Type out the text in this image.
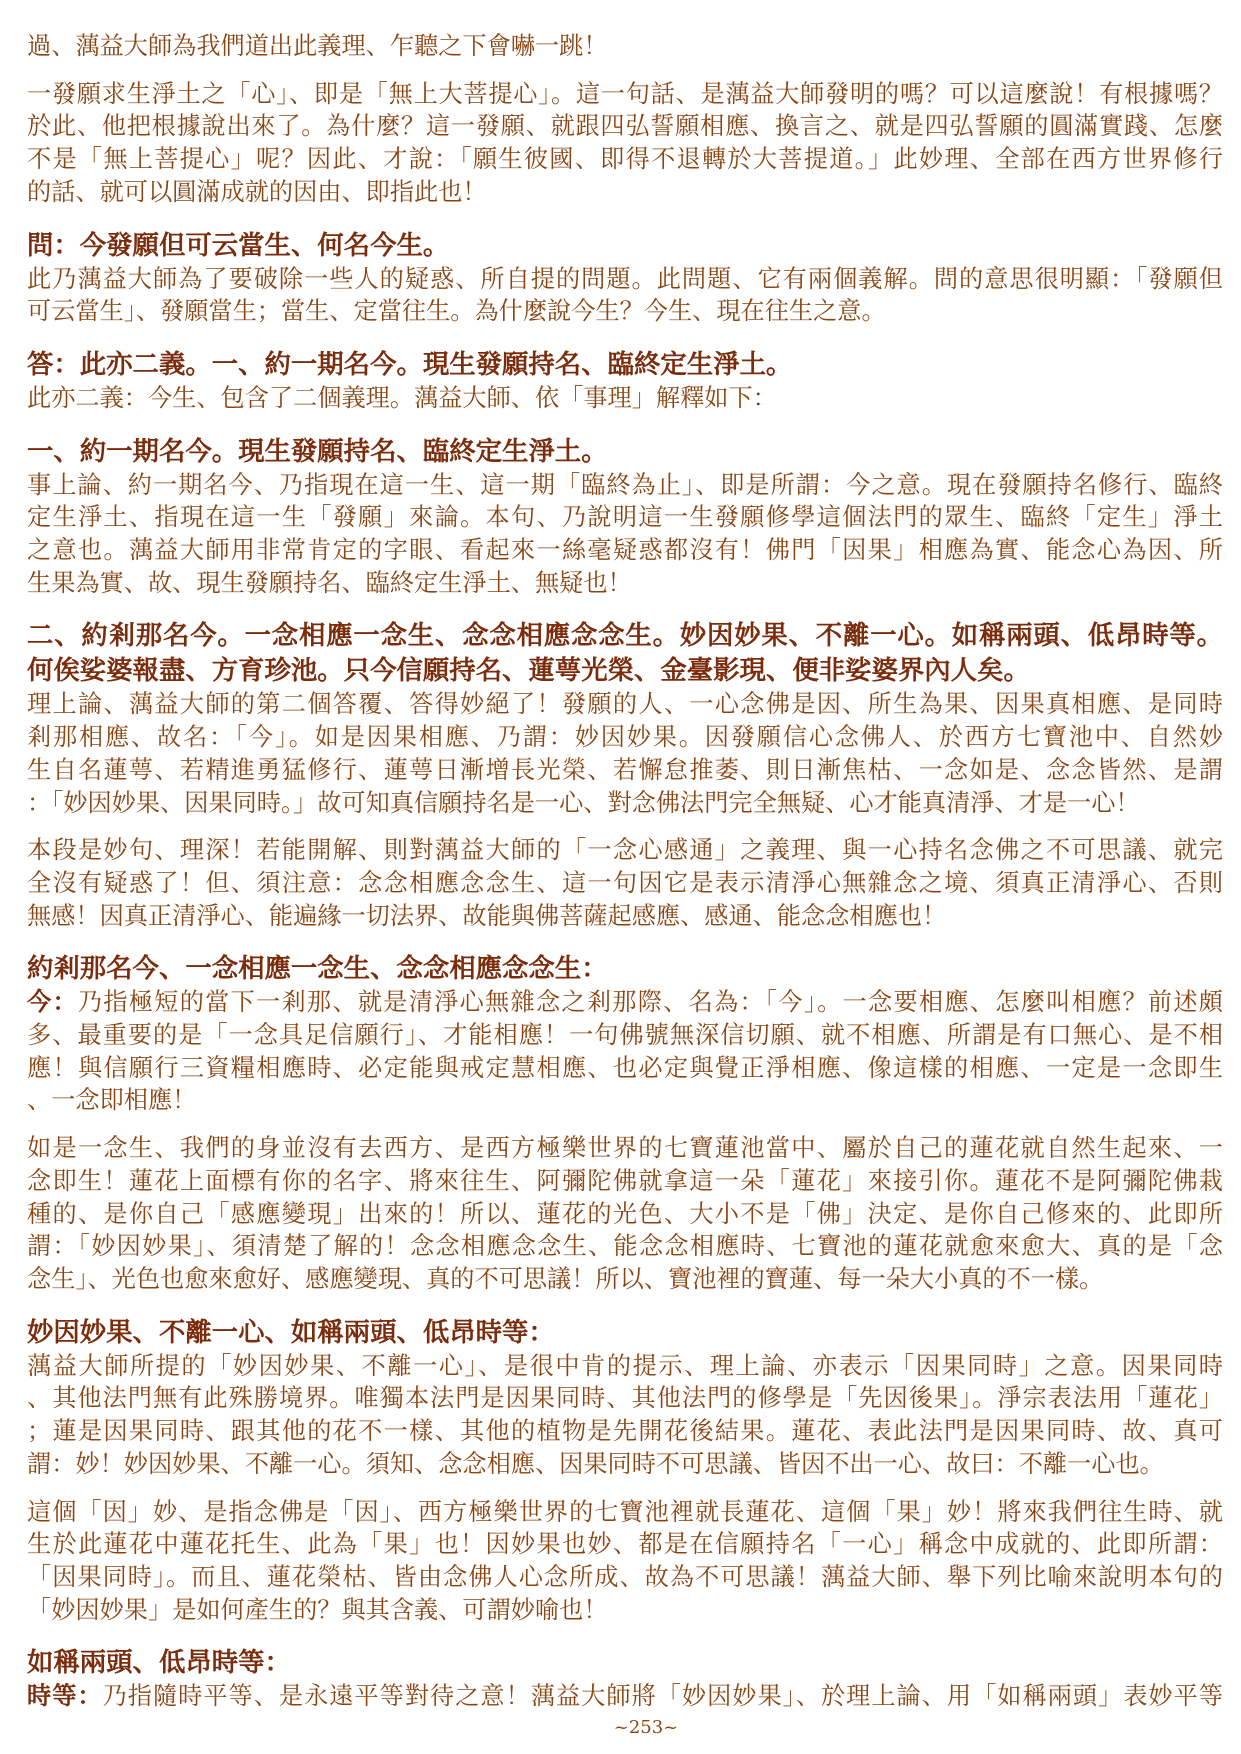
過、蕅益大師為我們道出此義理、乍聽之下會嚇一跳！
一發願求生淨土之「心」、即是「無上大菩提心」。這一句話、是蕅益大師發明的嗎？可以這麼說！有根據嗎？
於此、他把根據說出來了。為什麼？這一發願、就跟四弘誓願相應、換言之、就是四弘誓願的圓滿實踐、怎麼
不是「無上菩提心」呢？因此、才說：「願生彼國、即得不退轉於大菩提道。」此妙理、全部在西方世界修行
的話、就可以圓滿成就的因由、即指此也！
問：今發願但可云當生、何名今生。
此乃蕅益大師為了要破除一些人的疑惑、所自提的問題。此問題、它有兩個義解。問的意思很明顯：「發願但
可云當生」、發願當生；當生、定當往生。為什麼說今生？今生、現在往生之意。
答：此亦二義。一、約一期名今。現生發願持名、臨終定生淨土。
此亦二義：今生、包含了二個義理。蕅益大師、依「事理」解釋如下：
一、約一期名今。現生發願持名、臨終定生淨土。
事上論、約一期名今、乃指現在這一生、這一期「臨終為止」、即是所謂：今之意。現在發願持名修行、臨終
定生淨土、指現在這一生「發願」來論。本句、乃說明這一生發願修學這個法門的眾生、臨終「定生」淨土
之意也。蕅益大師用非常肯定的字眼、看起來一絲毫疑惑都沒有！佛門「因果」相應為實、能念心為因、所
生果為實、故、現生發願持名、臨終定生淨土、無疑也！
二、約剎那名今。一念相應一念生、念念相應念念生。妙因妙果、不離一心。如稱兩頭、低昂時等。
何俟娑婆報盡、方育珍池。只今信願持名、蓮萼光榮、金臺影現、便非娑婆界內人矣。
理上論、蕅益大師的第二個答覆、答得妙絕了！發願的人、一心念佛是因、所生為果、因果真相應、是同時
剎那相應、故名：「今」。如是因果相應、乃謂：妙因妙果。因發願信心念佛人、於西方七寶池中、自然妙
生自名蓮萼、若精進勇猛修行、蓮萼日漸增長光榮、若懈怠推萎、則日漸焦枯、一念如是、念念皆然、是謂
：「妙因妙果、因果同時。」故可知真信願持名是一心、對念佛法門完全無疑、心才能真清淨、才是一心！
本段是妙句、理深！若能開解、則對蕅益大師的「一念心感通」之義理、與一心持名念佛之不可思議、就完
全沒有疑惑了！但、須注意：念念相應念念生、這一句因它是表示清淨心無雜念之境、須真正清淨心、否則
無感！因真正清淨心、能遍緣一切法界、故能與佛菩薩起感應、感通、能念念相應也！
約剎那名今、一念相應一念生、念念相應念念生：
今：乃指極短的當下一剎那、就是清淨心無雜念之剎那際、名為：「今」。一念要相應、怎麼叫相應？前述頗
多、最重要的是「一念具足信願行」、才能相應！一句佛號無深信切願、就不相應、所謂是有口無心、是不相
應！與信願行三資糧相應時、必定能與戒定慧相應、也必定與覺正淨相應、像這樣的相應、一定是一念即生
、一念即相應！
如是一念生、我們的身並沒有去西方、是西方極樂世界的七寶蓮池當中、屬於自己的蓮花就自然生起來、一
念即生！蓮花上面標有你的名字、將來往生、阿彌陀佛就拿這一朵「蓮花」來接引你。蓮花不是阿彌陀佛栽
種的、是你自己「感應變現」出來的！所以、蓮花的光色、大小不是「佛」決定、是你自己修來的、此即所
謂：「妙因妙果」、須清楚了解的！念念相應念念生、能念念相應時、七寶池的蓮花就愈來愈大、真的是「念
念生」、光色也愈來愈好、感應變現、真的不可思議！所以、寶池裡的寶蓮、每一朵大小真的不一樣。
妙因妙果、不離一心、如稱兩頭、低昂時等：
蕅益大師所提的「妙因妙果、不離一心」、是很中肯的提示、理上論、亦表示「因果同時」之意。因果同時
、其他法門無有此殊勝境界。唯獨本法門是因果同時、其他法門的修學是「先因後果」。淨宗表法用「蓮花」
；蓮是因果同時、跟其他的花不一樣、其他的植物是先開花後結果。蓮花、表此法門是因果同時、故、真可
謂：妙！妙因妙果、不離一心。須知、念念相應、因果同時不可思議、皆因不出一心、故曰：不離一心也。
這個「因」妙、是指念佛是「因」、西方極樂世界的七寶池裡就長蓮花、這個「果」妙！將來我們往生時、就
生於此蓮花中蓮花托生、此為「果」也！因妙果也妙、都是在信願持名「一心」稱念中成就的、此即所謂：
「因果同時」。而且、蓮花榮枯、皆由念佛人心念所成、故為不可思議！蕅益大師、舉下列比喻來說明本句的
「妙因妙果」是如何產生的？與其含義、可謂妙喻也！
如稱兩頭、低昂時等：
時等：乃指隨時平等、是永遠平等對待之意！蕅益大師將「妙因妙果」、於理上論、用「如稱兩頭」表妙平等
~253~
